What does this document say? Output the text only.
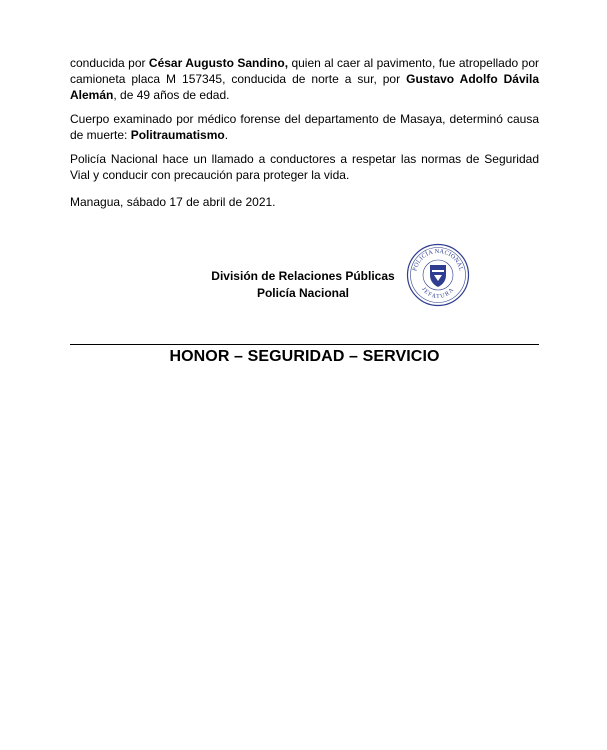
conducida por César Augusto Sandino, quien al caer al pavimento, fue atropellado por camioneta placa M 157345, conducida de norte a sur, por Gustavo Adolfo Dávila Alemán, de 49 años de edad.

Cuerpo examinado por médico forense del departamento de Masaya, determinó causa de muerte: Politraumatismo.

Policía Nacional hace un llamado a conductores a respetar las normas de Seguridad Vial y conducir con precaución para proteger la vida.

Managua, sábado 17 de abril de 2021.

División de Relaciones Públicas
Policía Nacional
POLICÍA NACIONAL
JEFATURA
HONOR – SEGURIDAD – SERVICIO
